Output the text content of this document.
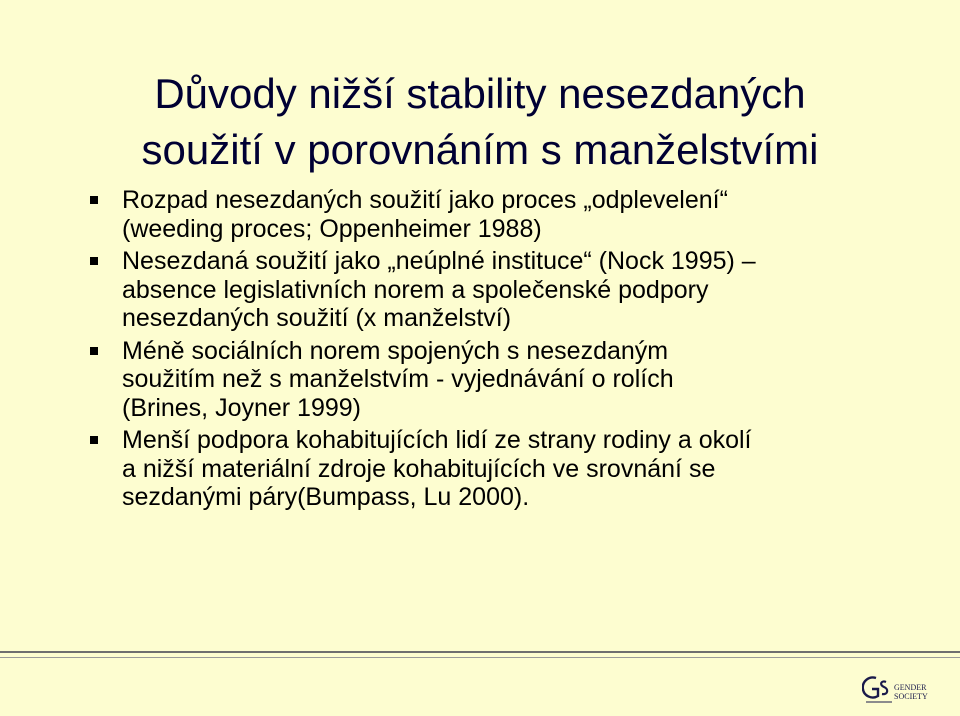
Důvody nižší stability nesezdaných
soužití v porovnáním s manželstvími
Rozpad nesezdaných soužití jako proces „odplevelení“
(weeding proces; Oppenheimer 1988)
Nesezdaná soužití jako „neúplné instituce“ (Nock 1995) –
absence legislativních norem a společenské podpory
nesezdaných soužití (x manželství)
Méně sociálních norem spojených s nesezdaným
soužitím než s manželstvím - vyjednávání o rolích
(Brines, Joyner 1999)
Menší podpora kohabitujících lidí ze strany rodiny a okolí
a nižší materiální zdroje kohabitujících ve srovnání se
sezdanými páry(Bumpass, Lu 2000).
GENDER
SOCIETY
